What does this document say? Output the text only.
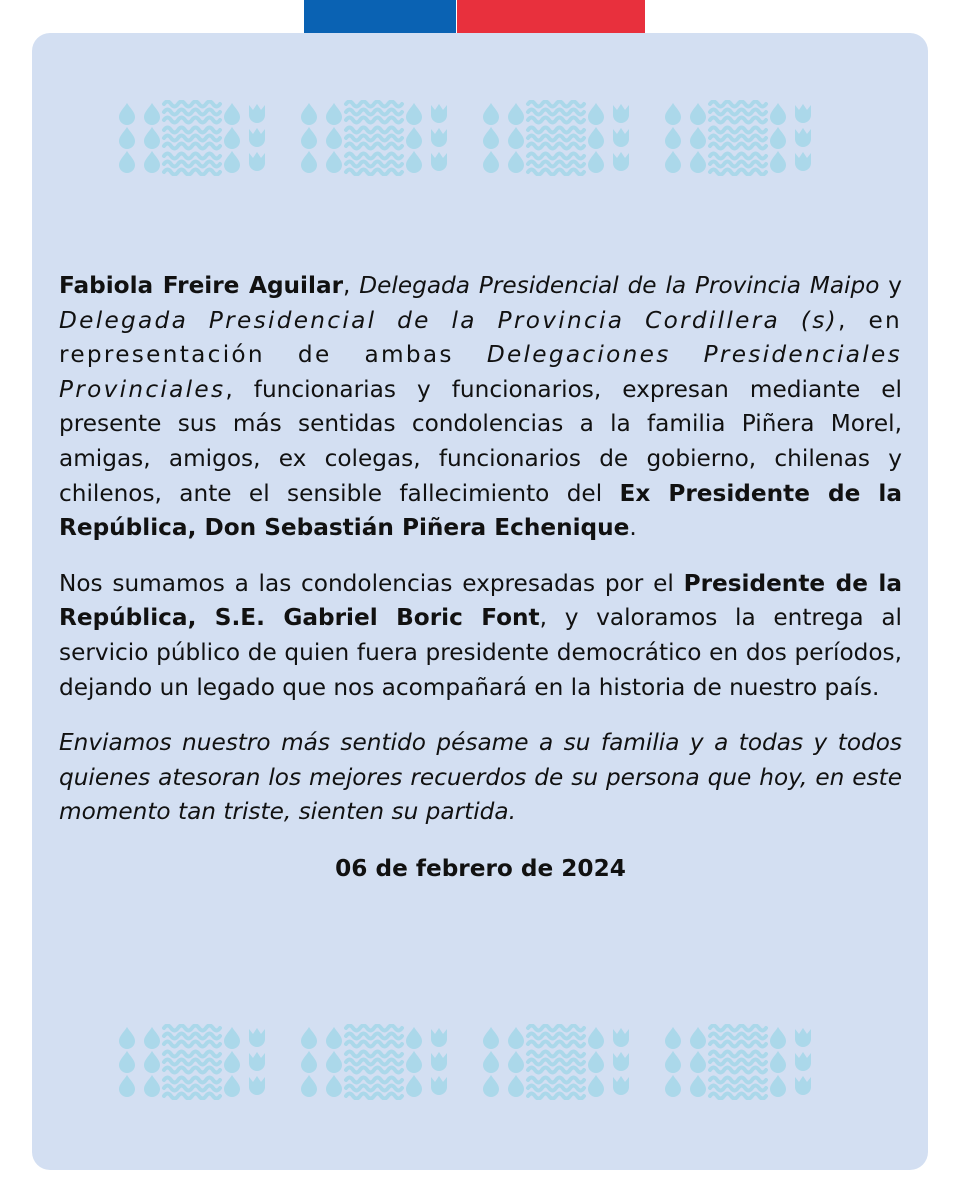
Fabiola Freire Aguilar, Delegada Presidencial de la Provincia Maipo y Delegada Presidencial de la Provincia Cordillera (s), en representación de ambas Delegaciones Presidenciales Provinciales, funcionarias y funcionarios, expresan mediante el presente sus más sentidas condolencias a la familia Piñera Morel, amigas, amigos, ex colegas, funcionarios de gobierno, chilenas y chilenos, ante el sensible fallecimiento del Ex Presidente de la República, Don Sebastián Piñera Echenique.

Nos sumamos a las condolencias expresadas por el Presidente de la República, S.E. Gabriel Boric Font, y valoramos la entrega al servicio público de quien fuera presidente democrático en dos períodos, dejando un legado que nos acompañará en la historia de nuestro país.

Enviamos nuestro más sentido pésame a su familia y a todas y todos quienes atesoran los mejores recuerdos de su persona que hoy, en este momento tan triste, sienten su partida.

06 de febrero de 2024
